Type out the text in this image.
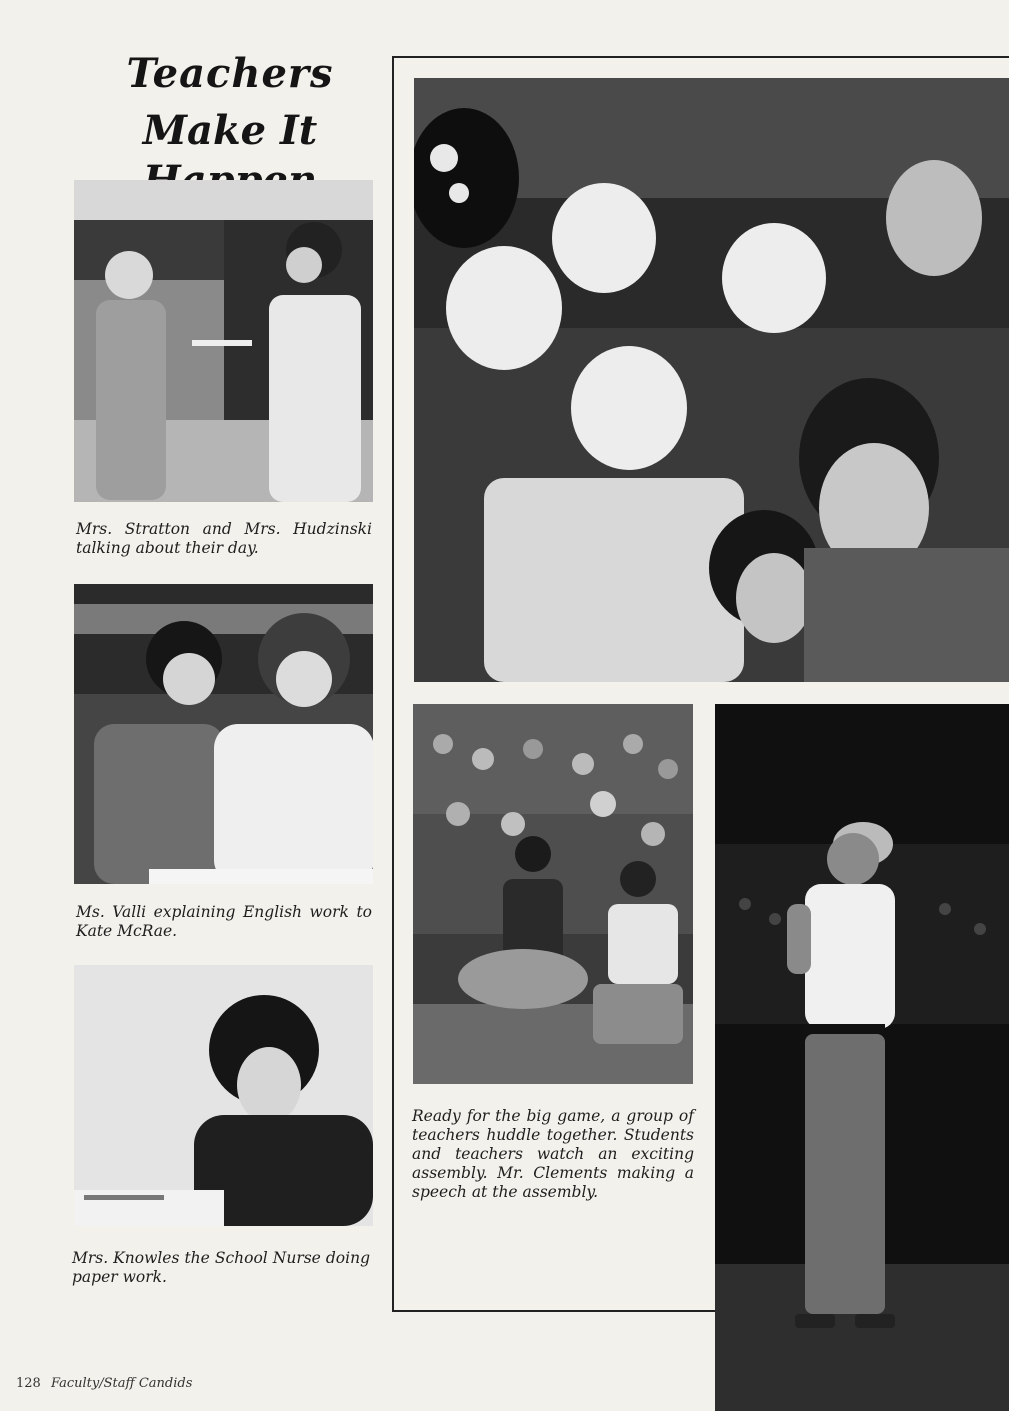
Teachers
Make It
Mrs. Stratton and Mrs. Hudzinski talking about their day.
Ms. Valli explaining English work to Kate McRae.
Mrs. Knowles the School Nurse doing paper work.
Ready for the big game, a group of teachers huddle together. Students and teachers watch an exciting assembly. Mr. Clements making a speech at the assembly.
128 Faculty/Staff Candids
